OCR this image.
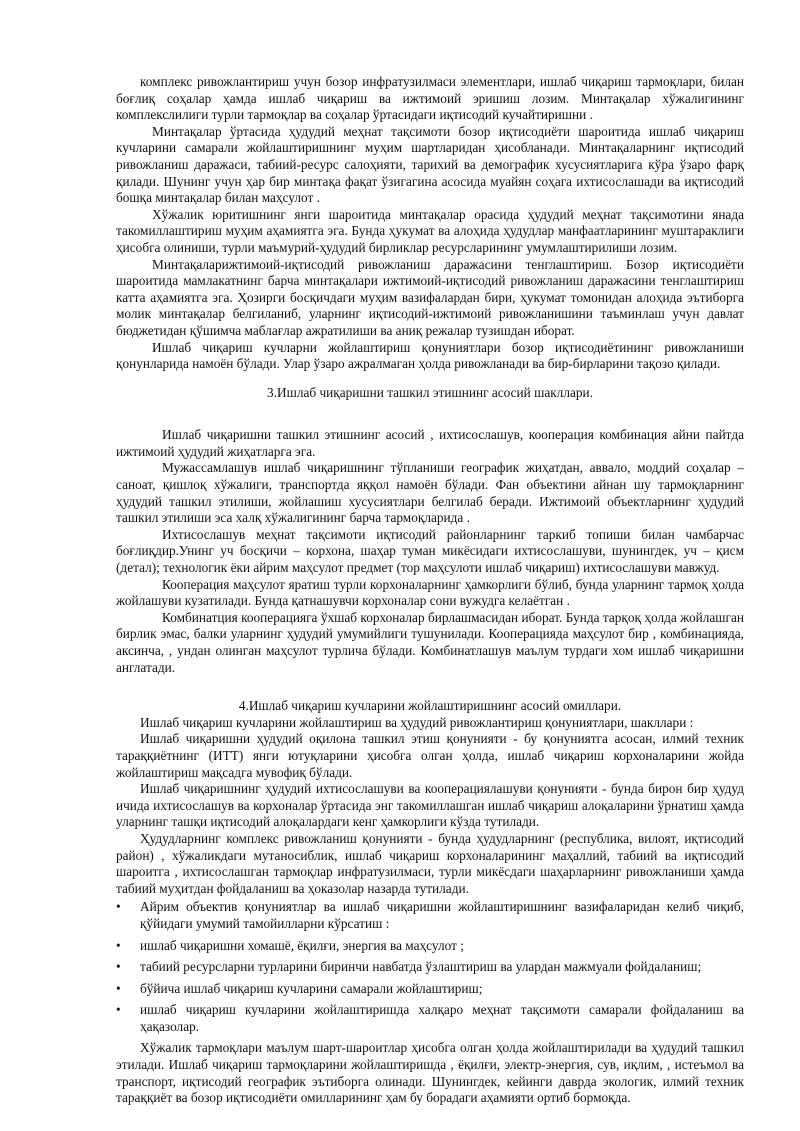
комплекс ривожлантириш учун бозор инфратузилмаси элементлари, ишлаб чиқариш тармоқлари, билан боғлиқ соҳалар ҳамда ишлаб чиқариш ва ижтимоий эришиш лозим. Минтақалар хўжалигининг комплекслилиги турли тармоқлар ва соҳалар ўртасидаги иқтисодий кучайтиришни .

Минтақалар ўртасида ҳудудий меҳнат тақсимоти бозор иқтисодиёти шароитида ишлаб чиқариш кучларини самарали жойлаштиришнинг муҳим шартларидан ҳисобланади. Минтақаларнинг иқтисодий ривожланиш даражаси, табиий-ресурс салоҳияти, тарихий ва демографик хусусиятларига кўра ўзаро фарқ қилади. Шунинг учун ҳар бир минтақа фақат ўзигагина асосида муайян соҳага ихтисослашади ва иқтисодий бошқа минтақалар билан маҳсулот .

Хўжалик юритишнинг янги шароитида минтақалар орасида ҳудудий меҳнат тақсимотини янада такомиллаштириш муҳим аҳамиятга эга. Бунда ҳукумат ва алоҳида ҳудудлар манфаатларининг муштараклиги ҳисобга олиниши, турли маъмурий-ҳудудий бирликлар ресурсларининг умумлаштирилиши лозим.

Минтақаларижтимоий-иқтисодий ривожланиш даражасини тенглаштириш. Бозор иқтисодиёти шароитида мамлакатнинг барча минтақалари ижтимоий-иқтисодий ривожланиш даражасини тенглаштириш катта аҳамиятга эга. Ҳозирги босқичдаги муҳим вазифалардан бири, ҳукумат томонидан алоҳида эътиборга молик минтақалар белгиланиб, уларнинг иқтисодий-ижтимоий ривожланишини таъминлаш учун давлат бюджетидан қўшимча маблағлар ажратилиши ва аниқ режалар тузишдан иборат.

Ишлаб чиқариш кучларни жойлаштириш қонуниятлари бозор иқтисодиётининг ривожланиши қонунларида намоён бўлади. Улар ўзаро ажралмаган ҳолда ривожланади ва бир-бирларини тақозо қилади.

3.Ишлаб чиқаришни ташкил этишнинг асосий шакллари.

Ишлаб чиқаришни ташкил этишнинг асосий , ихтисослашув, кооперация комбинация айни пайтда ижтимоий ҳудудий жиҳатларга эга.

Мужассамлашув ишлаб чиқаришнинг тўпланиши географик жиҳатдан, аввало, моддий соҳалар – саноат, қишлоқ хўжалиги, транспортда яққол намоён бўлади. Фан объектини айнан шу тармоқларнинг ҳудудий ташкил этилиши, жойлашиш хусусиятлари белгилаб беради. Ижтимоий объектларнинг ҳудудий ташкил этилиши эса халқ хўжалигининг барча тармоқларида .

Ихтисослашув меҳнат тақсимоти иқтисодий районларнинг таркиб топиши билан чамбарчас боғлиқдир.Унинг уч босқичи – корхона, шаҳар туман микёсидаги ихтисослашуви, шунингдек, уч – қисм (детал); технологик ёки айрим маҳсулот предмет (тор маҳсулоти ишлаб чиқариш) ихтисослашуви мавжуд.

Кооперация маҳсулот яратиш турли корхоналарнинг ҳамкорлиги бўлиб, бунда уларнинг тармоқ ҳолда жойлашуви кузатилади. Бунда қатнашувчи корхоналар сони вужудга келаётган .

Комбинатция кооперацияга ўхшаб корхоналар бирлашмасидан иборат. Бунда тарқоқ ҳолда жойлашган бирлик эмас, балки уларнинг ҳудудий умумийлиги тушунилади. Кооперацияда маҳсулот бир , комбинацияда, аксинча, , ундан олинган маҳсулот турлича бўлади. Комбинатлашув маълум турдаги хом ишлаб чиқаришни англатади.

4.Ишлаб чиқариш кучларини жойлаштиришнинг асосий омиллари.

Ишлаб чиқариш кучларини жойлаштириш ва ҳудудий ривожлантириш қонуниятлари, шакллари :

Ишлаб чиқаришни ҳудудий оқилона ташкил этиш қонунияти - бу қонуниятга асосан, илмий техник тараққиётнинг (ИТТ) янги ютуқларини ҳисобга олган ҳолда, ишлаб чиқариш корхоналарини жойда жойлаштириш мақсадга мувофиқ бўлади.

Ишлаб чиқаришнинг ҳудудий ихтисослашуви ва кооперациялашуви қонунияти - бунда бирон бир ҳудуд ичида ихтисослашув ва корхоналар ўртасида энг такомиллашган ишлаб чиқариш алоқаларини ўрнатиш ҳамда уларнинг ташқи иқтисодий алоқалардаги кенг ҳамкорлиги кўзда тутилади.

Ҳудудларнинг комплекс ривожланиш қонунияти - бунда ҳудудларнинг (республика, вилоят, иқтисодий район) , хўжаликдаги мутаносиблик, ишлаб чиқариш корхоналарининг маҳаллий, табиий ва иқтисодий шароитга , ихтисослашган тармоқлар инфратузилмаси, турли микёсдаги шаҳарларнинг ривожланиши ҳамда табиий муҳитдан фойдаланиш ва ҳоказолар назарда тутилади.

• Айрим объектив қонуниятлар ва ишлаб чиқаришни жойлаштиришнинг вазифаларидан келиб чиқиб, қўйидаги умумий тамойилларни кўрсатиш :
• ишлаб чиқаришни хомашё, ёқилғи, энергия ва маҳсулот ;
• табиий ресурсларни турларини биринчи навбатда ўзлаштириш ва улардан мажмуали фойдаланиш;
• бўйича ишлаб чиқариш кучларини самарали жойлаштириш;
• ишлаб чиқариш кучларини жойлаштиришда халқаро меҳнат тақсимоти самарали фойдаланиш ва ҳақазолар.

Хўжалик тармоқлари маълум шарт-шароитлар ҳисобга олган ҳолда жойлаштирилади ва ҳудудий ташкил этилади. Ишлаб чиқариш тармоқларини жойлаштиришда , ёқилғи, электр-энергия, сув, иқлим, , истеъмол ва транспорт, иқтисодий географик эътиборга олинади. Шунингдек, кейинги даврда экологик, илмий техник тараққиёт ва бозор иқтисодиёти омилларининг ҳам бу борадаги аҳамияти ортиб бормоқда.
